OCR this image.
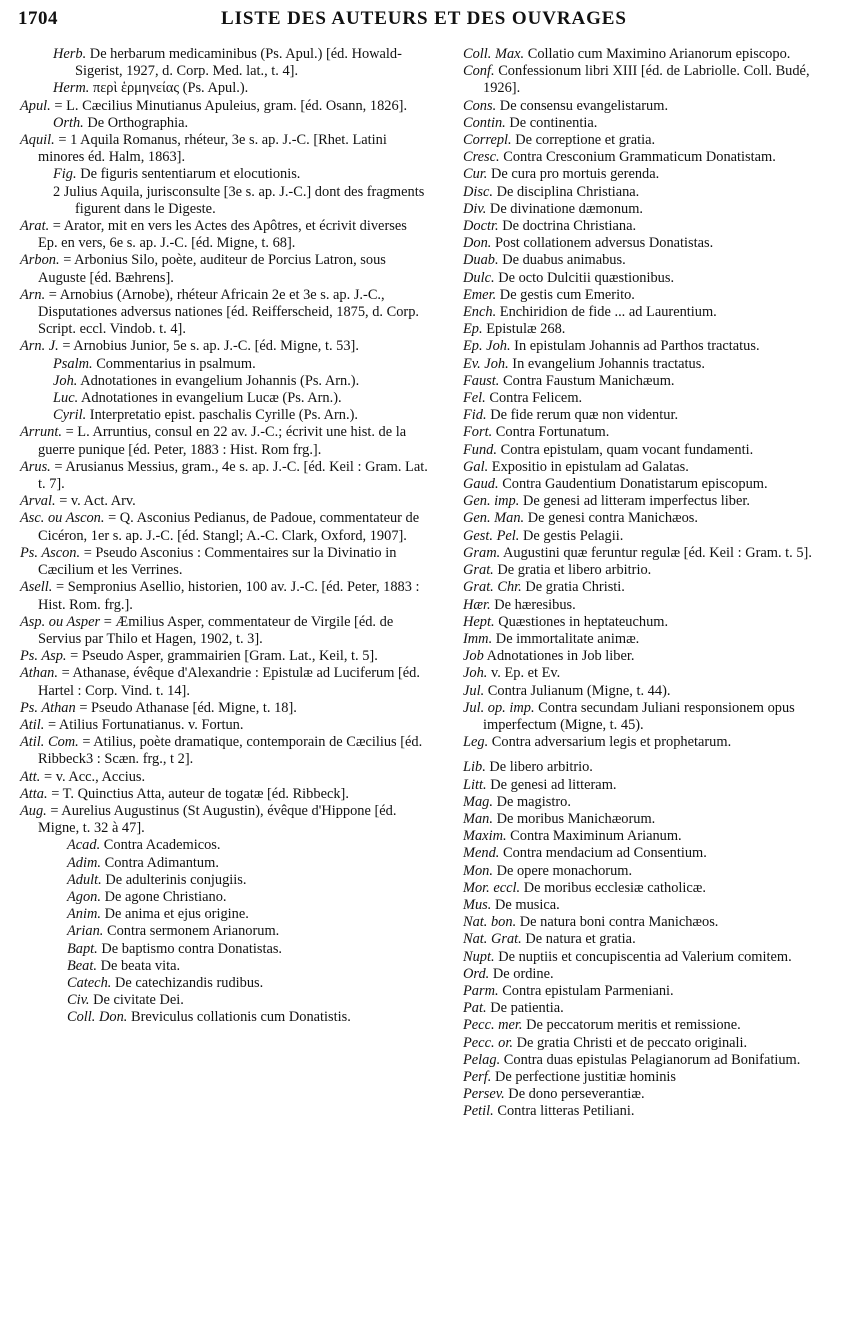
1704	LISTE DES AUTEURS ET DES OUVRAGES

Herb. De herbarum medicaminibus (Ps. Apul.) [éd. Howald-Sigerist, 1927, d. Corp. Med. lat., t. 4].

Herm. περὶ ἑρμηνείας (Ps. Apul.).

Apul. = L. Cæcilius Minutianus Apuleius, gram. [éd. Osann, 1826].

Orth. De Orthographia.

Aquil. = 1 Aquila Romanus, rhéteur, 3e s. ap. J.-C. [Rhet. Latini minores éd. Halm, 1863].

Fig. De figuris sententiarum et elocutionis.

2 Julius Aquila, jurisconsulte [3e s. ap. J.-C.] dont des fragments figurent dans le Digeste.

Arat. = Arator, mit en vers les Actes des Apôtres, et écrivit diverses Ep. en vers, 6e s. ap. J.-C. [éd. Migne, t. 68].

Arbon. = Arbonius Silo, poète, auditeur de Porcius Latron, sous Auguste [éd. Bæhrens].

Arn. = Arnobius (Arnobe), rhéteur Africain 2e et 3e s. ap. J.-C., Disputationes adversus nationes [éd. Reifferscheid, 1875, d. Corp. Script. eccl. Vindob. t. 4].

Arn. J. = Arnobius Junior, 5e s. ap. J.-C. [éd. Migne, t. 53].

Psalm. Commentarius in psalmum.

Joh. Adnotationes in evangelium Johannis (Ps. Arn.).

Luc. Adnotationes in evangelium Lucæ (Ps. Arn.).

Cyril. Interpretatio epist. paschalis Cyrille (Ps. Arn.).

Arrunt. = L. Arruntius, consul en 22 av. J.-C.; écrivit une hist. de la guerre punique [éd. Peter, 1883 : Hist. Rom frg.].

Arus. = Arusianus Messius, gram., 4e s. ap. J.-C. [éd. Keil : Gram. Lat. t. 7].

Arval. = v. Act. Arv.

Asc. ou Ascon. = Q. Asconius Pedianus, de Padoue, commentateur de Cicéron, 1er s. ap. J.-C. [éd. Stangl; A.-C. Clark, Oxford, 1907].

Ps. Ascon. = Pseudo Asconius : Commentaires sur la Divinatio in Cæcilium et les Verrines.

Asell. = Sempronius Asellio, historien, 100 av. J.-C. [éd. Peter, 1883 : Hist. Rom. frg.].

Asp. ou Asper = Æmilius Asper, commentateur de Virgile [éd. de Servius par Thilo et Hagen, 1902, t. 3].

Ps. Asp. = Pseudo Asper, grammairien [Gram. Lat., Keil, t. 5].

Athan. = Athanase, évêque d'Alexandrie : Epistulæ ad Luciferum [éd. Hartel : Corp. Vind. t. 14].

Ps. Athan = Pseudo Athanase [éd. Migne, t. 18].

Atil. = Atilius Fortunatianus. v. Fortun.

Atil. Com. = Atilius, poète dramatique, contemporain de Cæcilius [éd. Ribbeck3 : Scæn. frg., t 2].

Att. = v. Acc., Accius.

Atta. = T. Quinctius Atta, auteur de togatæ [éd. Ribbeck].

Aug. = Aurelius Augustinus (St Augustin), évêque d'Hippone [éd. Migne, t. 32 à 47].

Acad. Contra Academicos.

Adim. Contra Adimantum.

Adult. De adulterinis conjugiis.

Agon. De agone Christiano.

Anim. De anima et ejus origine.

Arian. Contra sermonem Arianorum.

Bapt. De baptismo contra Donatistas.

Beat. De beata vita.

Catech. De catechizandis rudibus.

Civ. De civitate Dei.

Coll. Don. Breviculus collationis cum Donatistis.

Coll. Max. Collatio cum Maximino Arianorum episcopo.

Conf. Confessionum libri XIII [éd. de Labriolle. Coll. Budé, 1926].

Cons. De consensu evangelistarum.

Contin. De continentia.

Correpl. De correptione et gratia.

Cresc. Contra Cresconium Grammaticum Donatistam.

Cur. De cura pro mortuis gerenda.

Disc. De disciplina Christiana.

Div. De divinatione dæmonum.

Doctr. De doctrina Christiana.

Don. Post collationem adversus Donatistas.

Duab. De duabus animabus.

Dulc. De octo Dulcitii quæstionibus.

Emer. De gestis cum Emerito.

Ench. Enchiridion de fide ... ad Laurentium.

Ep. Epistulæ 268.

Ep. Joh. In epistulam Johannis ad Parthos tractatus.

Ev. Joh. In evangelium Johannis tractatus.

Faust. Contra Faustum Manichæum.

Fel. Contra Felicem.

Fid. De fide rerum quæ non videntur.

Fort. Contra Fortunatum.

Fund. Contra epistulam, quam vocant fundamenti.

Gal. Expositio in epistulam ad Galatas.

Gaud. Contra Gaudentium Donatistarum episcopum.

Gen. imp. De genesi ad litteram imperfectus liber.

Gen. Man. De genesi contra Manichæos.

Gest. Pel. De gestis Pelagii.

Gram. Augustini quæ feruntur regulæ [éd. Keil : Gram. t. 5].

Grat. De gratia et libero arbitrio.

Grat. Chr. De gratia Christi.

Hær. De hæresibus.

Hept. Quæstiones in heptateuchum.

Imm. De immortalitate animæ.

Job Adnotationes in Job liber.

Joh. v. Ep. et Ev.

Jul. Contra Julianum (Migne, t. 44).

Jul. op. imp. Contra secundam Juliani responsionem opus imperfectum (Migne, t. 45).

Leg. Contra adversarium legis et prophetarum.

Lib. De libero arbitrio.

Litt. De genesi ad litteram.

Mag. De magistro.

Man. De moribus Manichæorum.

Maxim. Contra Maximinum Arianum.

Mend. Contra mendacium ad Consentium.

Mon. De opere monachorum.

Mor. eccl. De moribus ecclesiæ catholicæ.

Mus. De musica.

Nat. bon. De natura boni contra Manichæos.

Nat. Grat. De natura et gratia.

Nupt. De nuptiis et concupiscentia ad Valerium comitem.

Ord. De ordine.

Parm. Contra epistulam Parmeniani.

Pat. De patientia.

Pecc. mer. De peccatorum meritis et remissione.

Pecc. or. De gratia Christi et de peccato originali.

Pelag. Contra duas epistulas Pelagianorum ad Bonifatium.

Perf. De perfectione justitiæ hominis

Persev. De dono perseverantiæ.

Petil. Contra litteras Petiliani.
